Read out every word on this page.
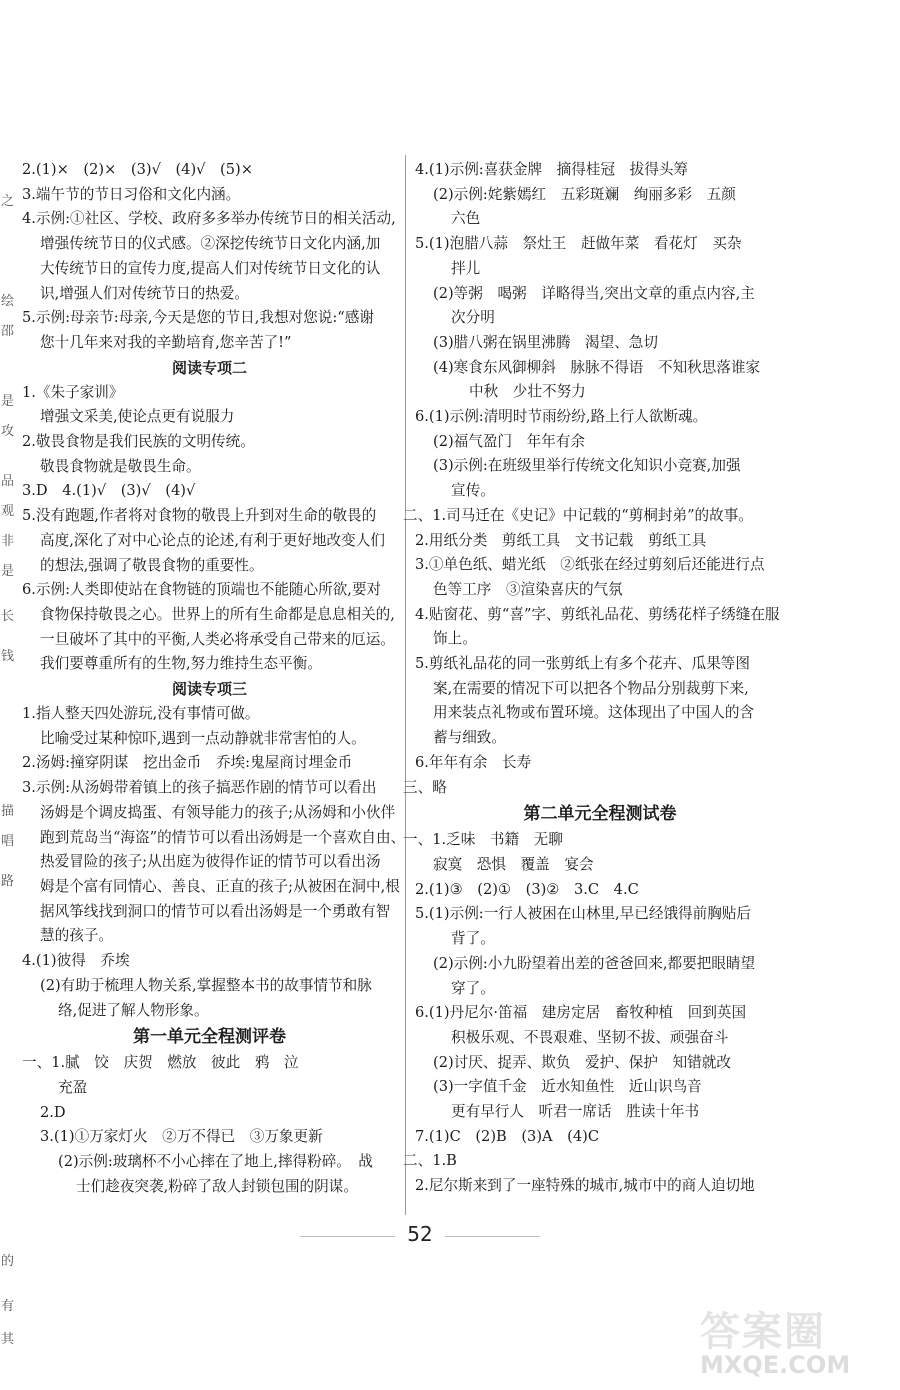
之
绘
邵
是
攻
品
观
非
是
长
钱
描
唱
路
的
有
其
2.(1)×　(2)×　(3)√　(4)√　(5)×
3.端午节的节日习俗和文化内涵。
4.示例:①社区、学校、政府多多举办传统节日的相关活动,
增强传统节日的仪式感。②深挖传统节日文化内涵,加
大传统节日的宣传力度,提高人们对传统节日文化的认
识,增强人们对传统节日的热爱。
5.示例:母亲节:母亲,今天是您的节日,我想对您说:“感谢
您十几年来对我的辛勤培育,您辛苦了!”
阅读专项二
1.《朱子家训》
增强文采美,使论点更有说服力
2.敬畏食物是我们民族的文明传统。
敬畏食物就是敬畏生命。
3.D　4.(1)√　(3)√　(4)√
5.没有跑题,作者将对食物的敬畏上升到对生命的敬畏的
高度,深化了对中心论点的论述,有利于更好地改变人们
的想法,强调了敬畏食物的重要性。
6.示例:人类即使站在食物链的顶端也不能随心所欲,要对
食物保持敬畏之心。世界上的所有生命都是息息相关的,
一旦破坏了其中的平衡,人类必将承受自己带来的厄运。
我们要尊重所有的生物,努力维持生态平衡。
阅读专项三
1.指人整天四处游玩,没有事情可做。
比喻受过某种惊吓,遇到一点动静就非常害怕的人。
2.汤姆:撞穿阴谋　挖出金币　乔埃:鬼屋商讨埋金币
3.示例:从汤姆带着镇上的孩子搞恶作剧的情节可以看出
汤姆是个调皮捣蛋、有领导能力的孩子;从汤姆和小伙伴
跑到荒岛当“海盗”的情节可以看出汤姆是一个喜欢自由、
热爱冒险的孩子;从出庭为彼得作证的情节可以看出汤
姆是个富有同情心、善良、正直的孩子;从被困在洞中,根
据风筝线找到洞口的情节可以看出汤姆是一个勇敢有智
慧的孩子。
4.(1)彼得　乔埃
(2)有助于梳理人物关系,掌握整本书的故事情节和脉
络,促进了解人物形象。
第一单元全程测评卷
一、1.腻　饺　庆贺　燃放　彼此　鸦　泣
充盈
2.D
3.(1)①万家灯火　②万不得已　③万象更新
(2)示例:玻璃杯不小心摔在了地上,摔得粉碎。　战
士们趁夜突袭,粉碎了敌人封锁包围的阴谋。
4.(1)示例:喜获金牌　摘得桂冠　拔得头筹
(2)示例:姹紫嫣红　五彩斑斓　绚丽多彩　五颜
六色
5.(1)泡腊八蒜　祭灶王　赶做年菜　看花灯　买杂
拌儿
(2)等粥　喝粥　详略得当,突出文章的重点内容,主
次分明
(3)腊八粥在锅里沸腾　渴望、急切
(4)寒食东风御柳斜　脉脉不得语　不知秋思落谁家
中秋　少壮不努力
6.(1)示例:清明时节雨纷纷,路上行人欲断魂。
(2)福气盈门　年年有余
(3)示例:在班级里举行传统文化知识小竞赛,加强
宣传。
二、1.司马迁在《史记》中记载的“剪桐封弟”的故事。
2.用纸分类　剪纸工具　文书记载　剪纸工具
3.①单色纸、蜡光纸　②纸张在经过剪刻后还能进行点
色等工序　③渲染喜庆的气氛
4.贴窗花、剪“喜”字、剪纸礼品花、剪绣花样子绣缝在服
饰上。
5.剪纸礼品花的同一张剪纸上有多个花卉、瓜果等图
案,在需要的情况下可以把各个物品分别裁剪下来,
用来装点礼物或布置环境。这体现出了中国人的含
蓄与细致。
6.年年有余　长寿
三、略
第二单元全程测试卷
一、1.乏味　书籍　无聊
寂寞　恐惧　覆盖　宴会
2.(1)③　(2)①　(3)②　3.C　4.C
5.(1)示例:一行人被困在山林里,早已经饿得前胸贴后
背了。
(2)示例:小九盼望着出差的爸爸回来,都要把眼睛望
穿了。
6.(1)丹尼尔·笛福　建房定居　畜牧种植　回到英国
积极乐观、不畏艰难、坚韧不拔、顽强奋斗
(2)讨厌、捉弄、欺负　爱护、保护　知错就改
(3)一字值千金　近水知鱼性　近山识鸟音
更有早行人　听君一席话　胜读十年书
7.(1)C　(2)B　(3)A　(4)C
二、1.B
2.尼尔斯来到了一座特殊的城市,城市中的商人迫切地
52
答案圈
MXQE.COM
